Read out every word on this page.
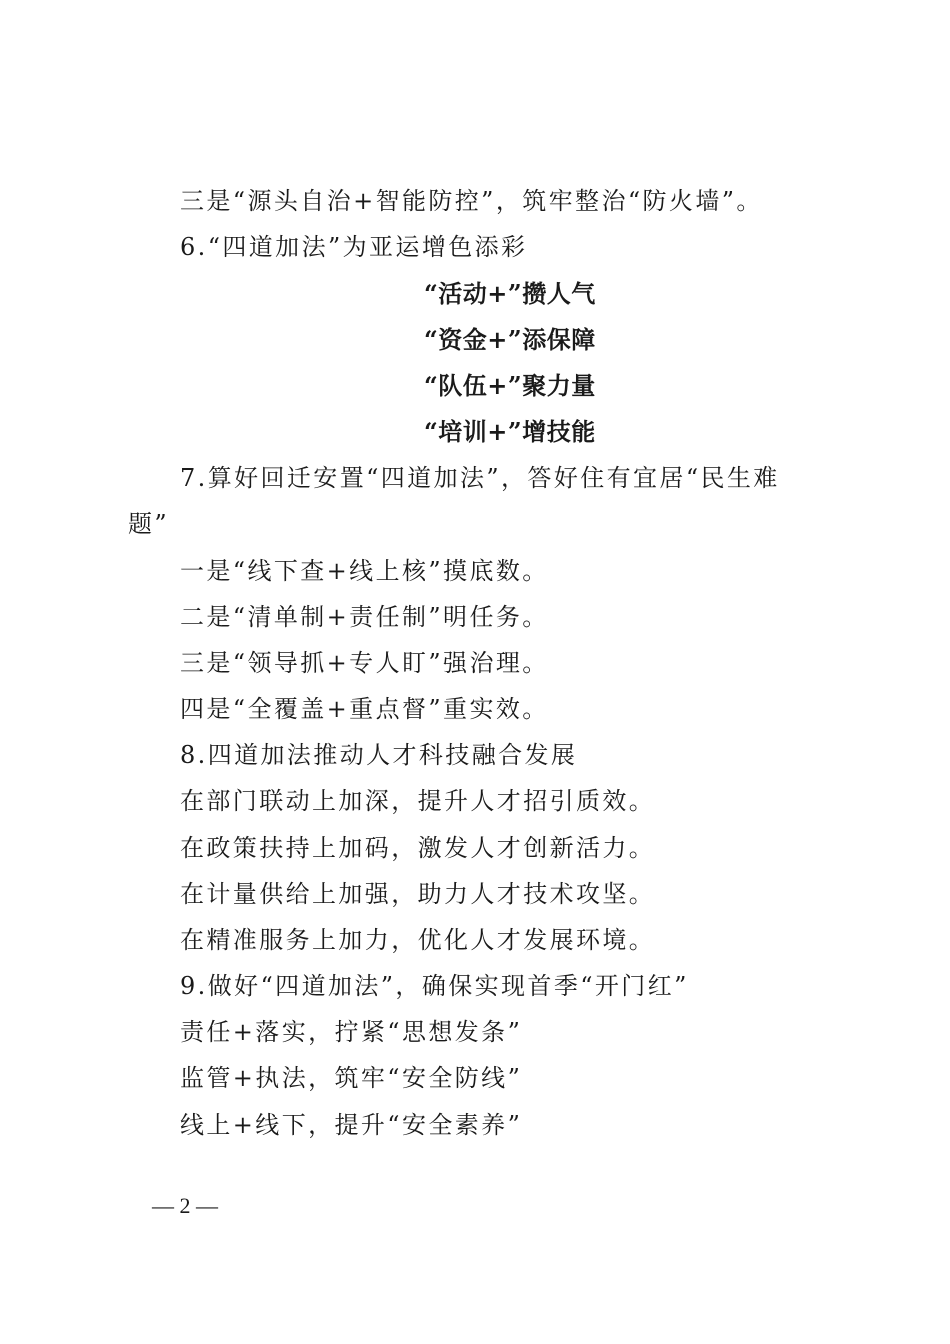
三是“源头自治+智能防控”，筑牢整治“防火墙”。
6.“四道加法”为亚运增色添彩
“活动+”攒人气
“资金+”添保障
“队伍+”聚力量
“培训+”增技能
7.算好回迁安置“四道加法”，答好住有宜居“民生难
题”
一是“线下查+线上核”摸底数。
二是“清单制+责任制”明任务。
三是“领导抓+专人盯”强治理。
四是“全覆盖+重点督”重实效。
8.四道加法推动人才科技融合发展
在部门联动上加深，提升人才招引质效。
在政策扶持上加码，激发人才创新活力。
在计量供给上加强，助力人才技术攻坚。
在精准服务上加力，优化人才发展环境。
9.做好“四道加法”，确保实现首季“开门红”
责任+落实，拧紧“思想发条”
监管+执法，筑牢“安全防线”
线上+线下，提升“安全素养”
— 2 —
